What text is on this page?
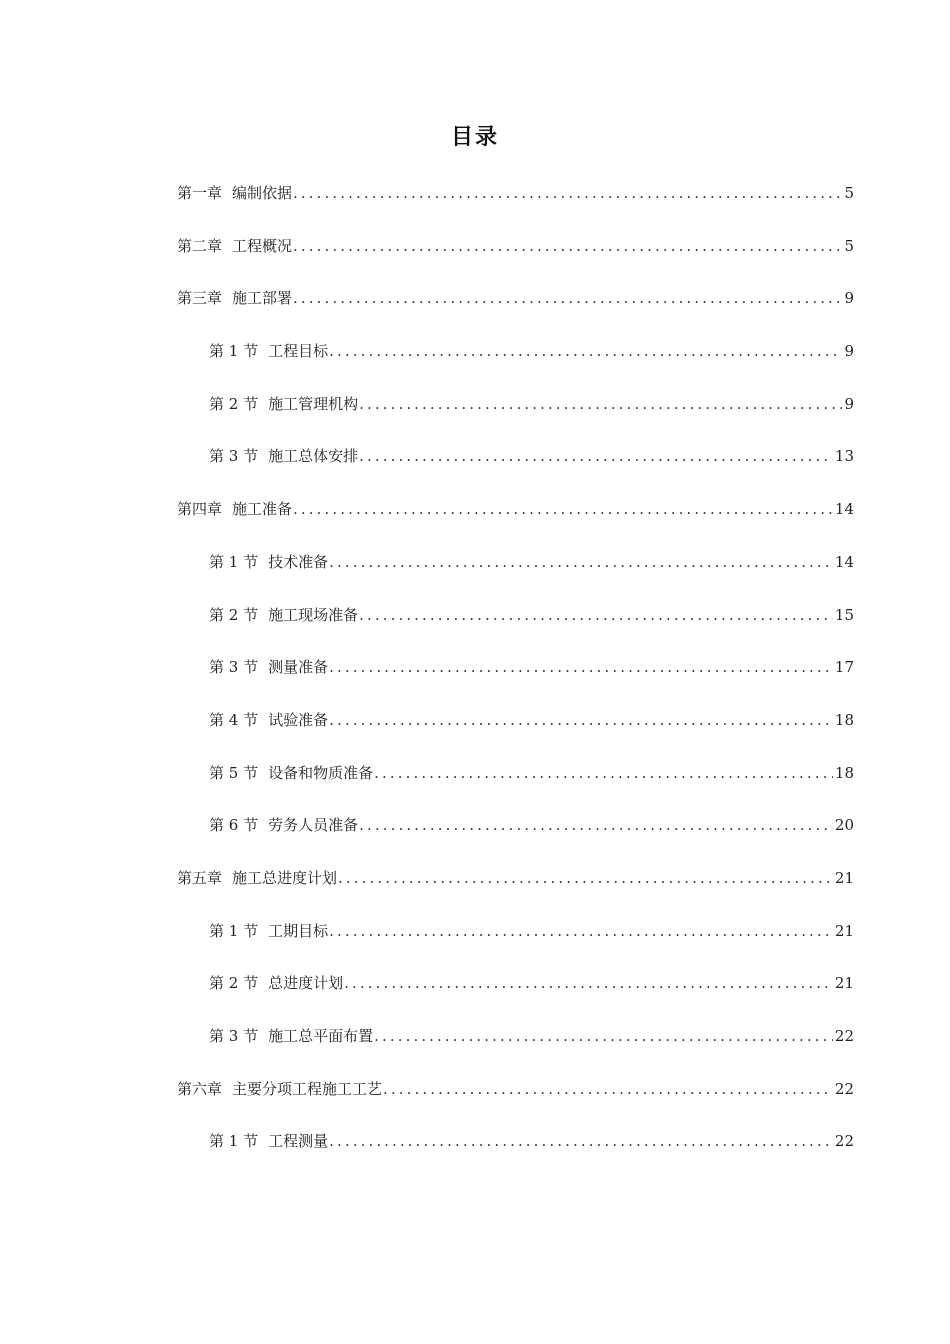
目录
第一章 编制依据 .....	5
第二章 工程概况 .....	5
第三章 施工部署 .....	9
第 1 节 工程目标 .....	9
第 2 节 施工管理机构 .....	9
第 3 节 施工总体安排 .....	13
第四章 施工准备 .....	14
第 1 节 技术准备 .....	14
第 2 节 施工现场准备 .....	15
第 3 节 测量准备 .....	17
第 4 节 试验准备 .....	18
第 5 节 设备和物质准备 .....	18
第 6 节 劳务人员准备 .....	20
第五章 施工总进度计划 .....	21
第 1 节 工期目标 .....	21
第 2 节 总进度计划 .....	21
第 3 节 施工总平面布置 .....	22
第六章 主要分项工程施工工艺 .....	22
第 1 节 工程测量 .....	22
